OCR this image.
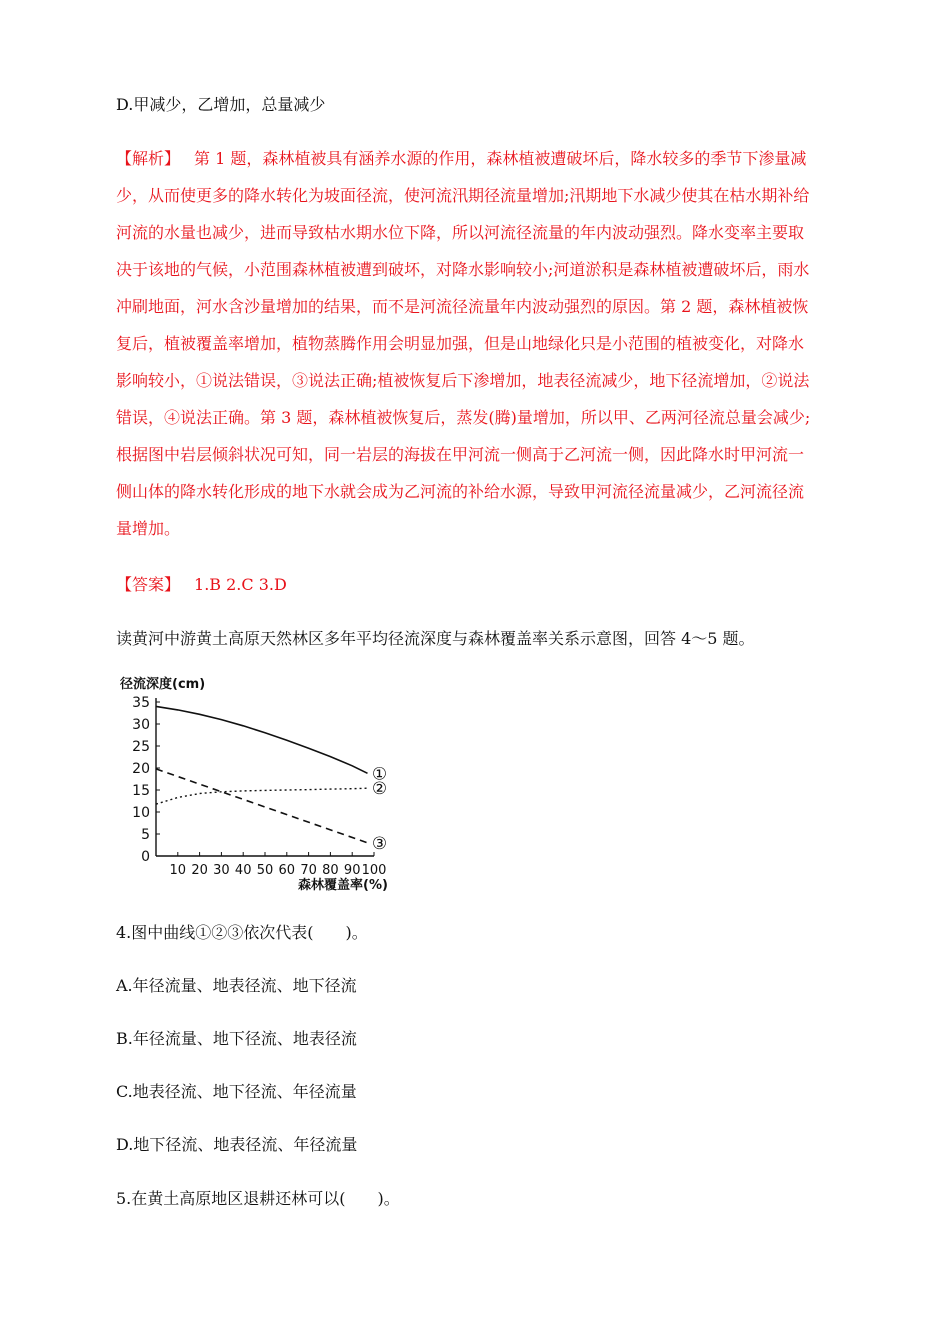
D.甲减少，乙增加，总量减少
【解析】 第 1 题，森林植被具有涵养水源的作用，森林植被遭破坏后，降水较多的季节下渗量减
少，从而使更多的降水转化为坡面径流，使河流汛期径流量增加;汛期地下水减少使其在枯水期补给
河流的水量也减少，进而导致枯水期水位下降，所以河流径流量的年内波动强烈。降水变率主要取
决于该地的气候，小范围森林植被遭到破坏，对降水影响较小;河道淤积是森林植被遭破坏后，雨水
冲刷地面，河水含沙量增加的结果，而不是河流径流量年内波动强烈的原因。第 2 题，森林植被恢
复后，植被覆盖率增加，植物蒸腾作用会明显加强，但是山地绿化只是小范围的植被变化，对降水
影响较小，①说法错误，③说法正确;植被恢复后下渗增加，地表径流减少，地下径流增加，②说法
错误，④说法正确。第 3 题，森林植被恢复后，蒸发(腾)量增加，所以甲、乙两河径流总量会减少;
根据图中岩层倾斜状况可知，同一岩层的海拔在甲河流一侧高于乙河流一侧，因此降水时甲河流一
侧山体的降水转化形成的地下水就会成为乙河流的补给水源，导致甲河流径流量减少，乙河流径流
量增加。
【答案】 1.B 2.C 3.D
读黄河中游黄土高原天然林区多年平均径流深度与森林覆盖率关系示意图，回答 4～5 题。
径流深度(cm)
0
5
10
15
20
25
30
35
10 20 30 40 50 60 70 80 90 100
①
②
③
森林覆盖率(%)
4.图中曲线①②③依次代表(　　)。
A.年径流量、地表径流、地下径流
B.年径流量、地下径流、地表径流
C.地表径流、地下径流、年径流量
D.地下径流、地表径流、年径流量
5.在黄土高原地区退耕还林可以(　　)。
